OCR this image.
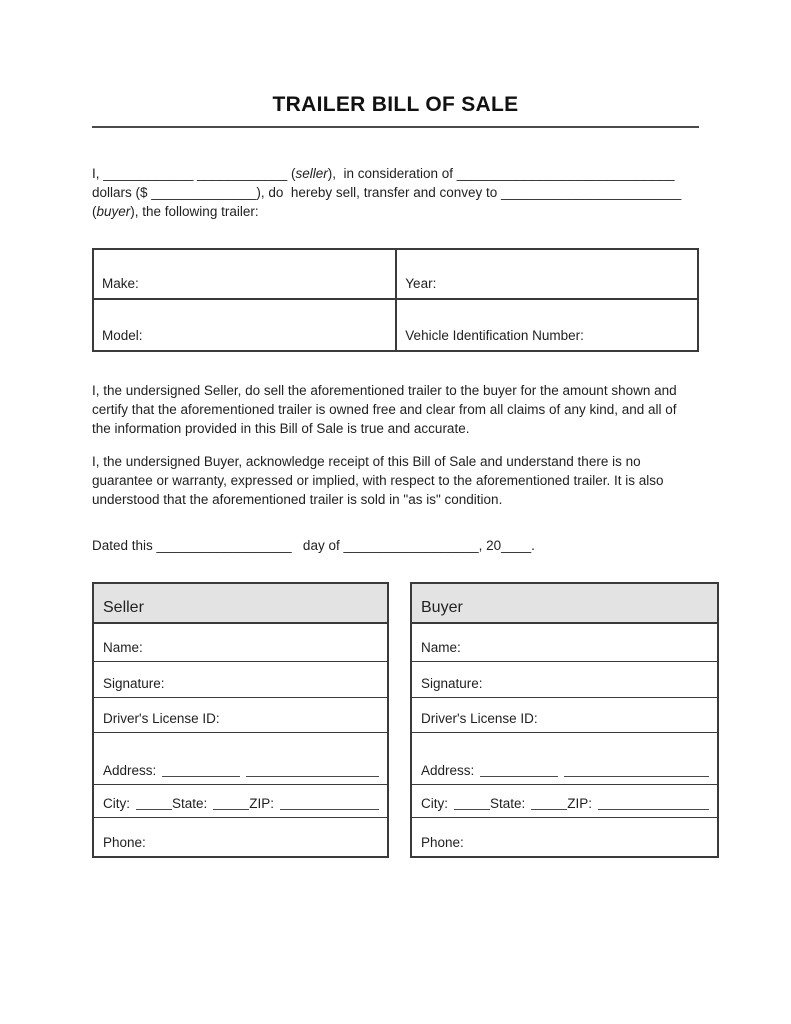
TRAILER BILL OF SALE

I, ____________ ____________ (seller),  in consideration of _____________________________
dollars ($ ______________), do  hereby sell, transfer and convey to ________________________
(buyer), the following trailer:

Make:	Year:
Model:	Vehicle Identification Number:

I, the undersigned Seller, do sell the aforementioned trailer to the buyer for the amount shown and certify that the aforementioned trailer is owned free and clear from all claims of any kind, and all of the information provided in this Bill of Sale is true and accurate.

I, the undersigned Buyer, acknowledge receipt of this Bill of Sale and understand there is no guarantee or warranty, expressed or implied, with respect to the aforementioned trailer. It is also understood that the aforementioned trailer is sold in "as is" condition.

Dated this __________________   day of __________________, 20____.

Seller
Name:
Signature:
Driver's License ID:
Address:
City:	State:	ZIP:
Phone:
Buyer
Name:
Signature:
Driver's License ID:
Address:
City:	State:	ZIP:
Phone:
